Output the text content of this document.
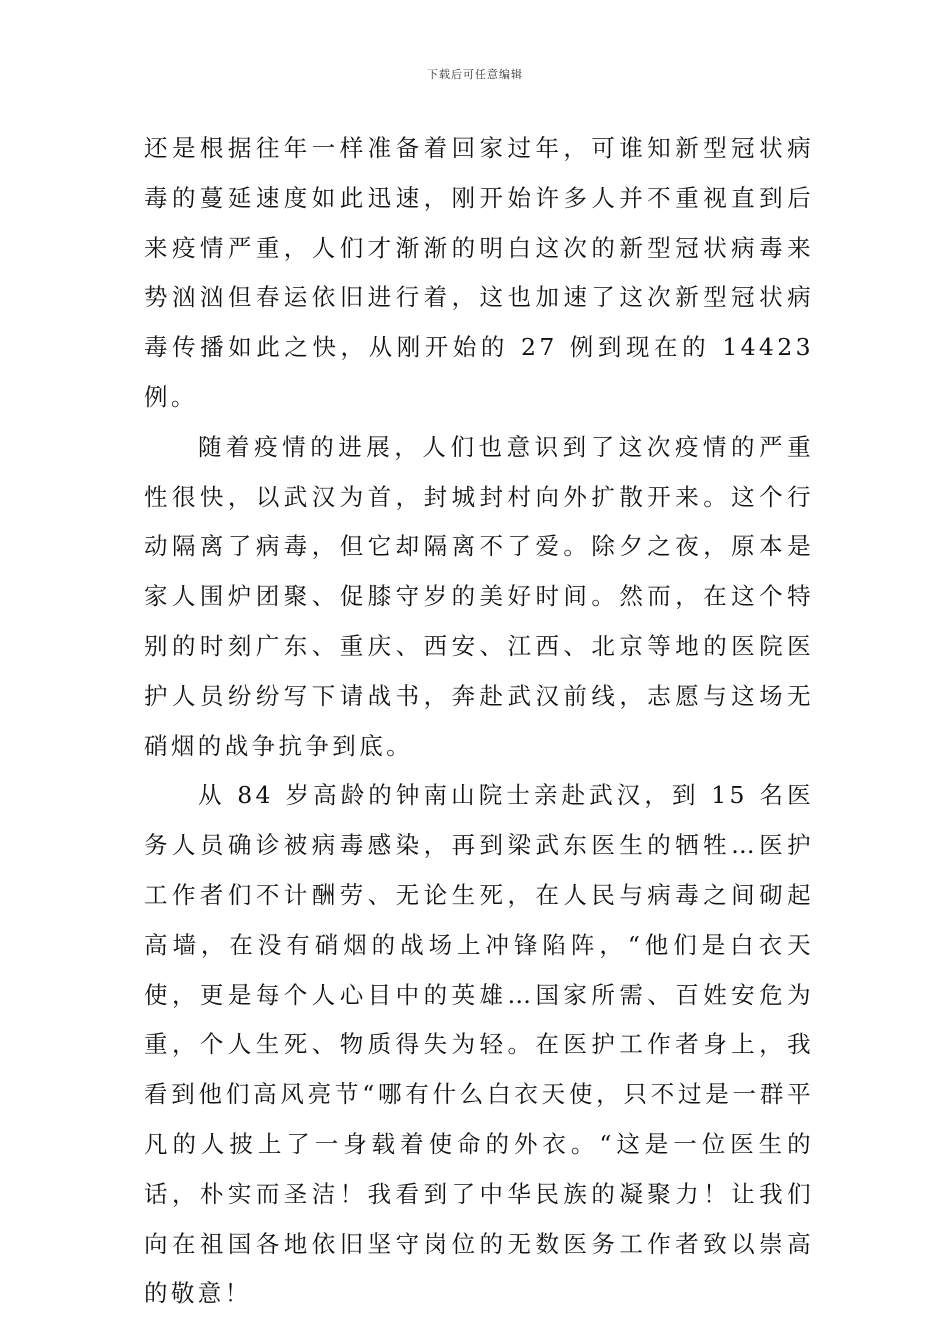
下载后可任意编辑

还是根据往年一样准备着回家过年，可谁知新型冠状病毒的蔓延速度如此迅速，刚开始许多人并不重视直到后来疫情严重，人们才渐渐的明白这次的新型冠状病毒来势汹汹但春运依旧进行着，这也加速了这次新型冠状病毒传播如此之快，从刚开始的 27 例到现在的 14423 例。

随着疫情的进展，人们也意识到了这次疫情的严重性很快，以武汉为首，封城封村向外扩散开来。这个行动隔离了病毒，但它却隔离不了爱。除夕之夜，原本是家人围炉团聚、促膝守岁的美好时间。然而，在这个特别的时刻广东、重庆、西安、江西、北京等地的医院医护人员纷纷写下请战书，奔赴武汉前线，志愿与这场无硝烟的战争抗争到底。

从 84 岁高龄的钟南山院士亲赴武汉，到 15 名医务人员确诊被病毒感染，再到梁武东医生的牺牲…医护工作者们不计酬劳、无论生死，在人民与病毒之间砌起高墙，在没有硝烟的战场上冲锋陷阵，“他们是白衣天使，更是每个人心目中的英雄…国家所需、百姓安危为重，个人生死、物质得失为轻。在医护工作者身上，我看到他们高风亮节“哪有什么白衣天使，只不过是一群平凡的人披上了一身载着使命的外衣。“这是一位医生的话，朴实而圣洁！我看到了中华民族的凝聚力！让我们向在祖国各地依旧坚守岗位的无数医务工作者致以崇高的敬意！
